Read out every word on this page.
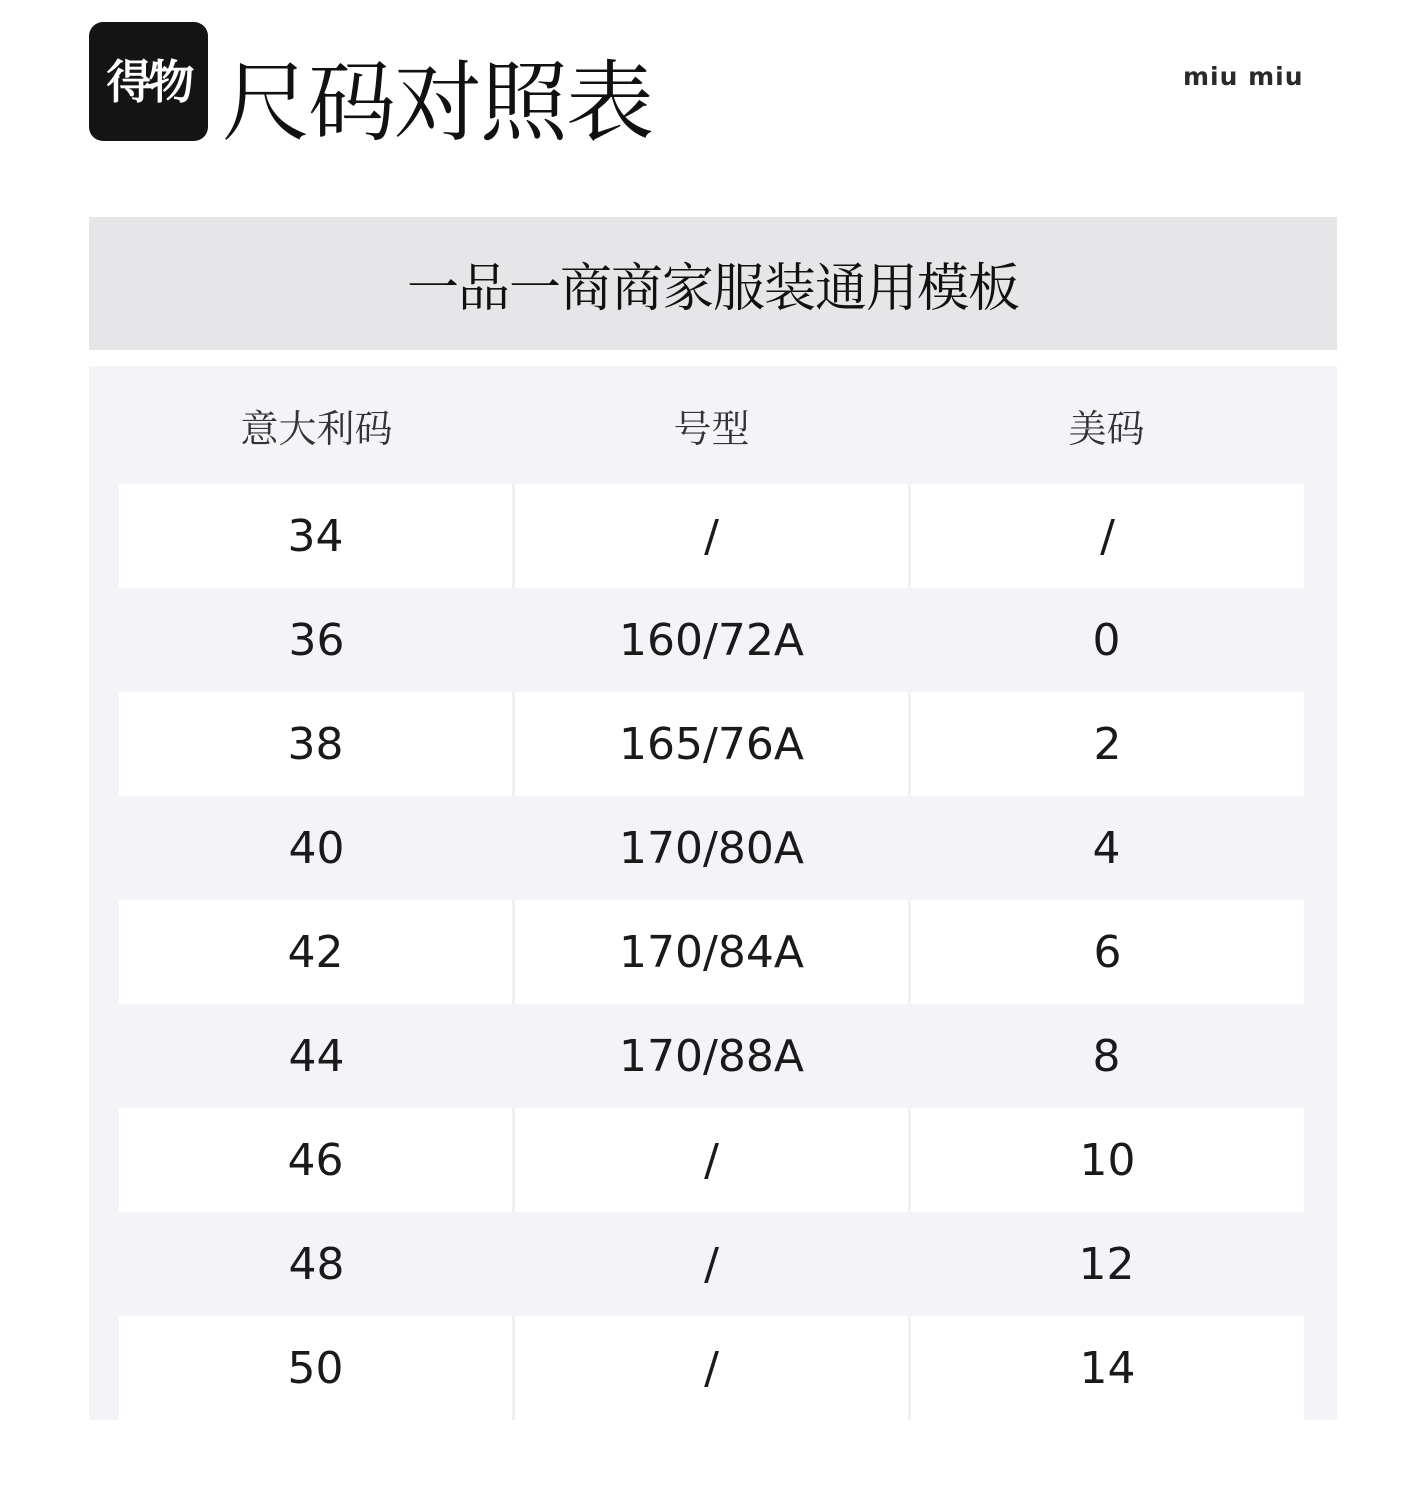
得物 尺码对照表	miu miu
一品一商商家服装通用模板
意大利码	号型	美码
34	/	/
36	160/72A	0
38	165/76A	2
40	170/80A	4
42	170/84A	6
44	170/88A	8
46	/	10
48	/	12
50	/	14
